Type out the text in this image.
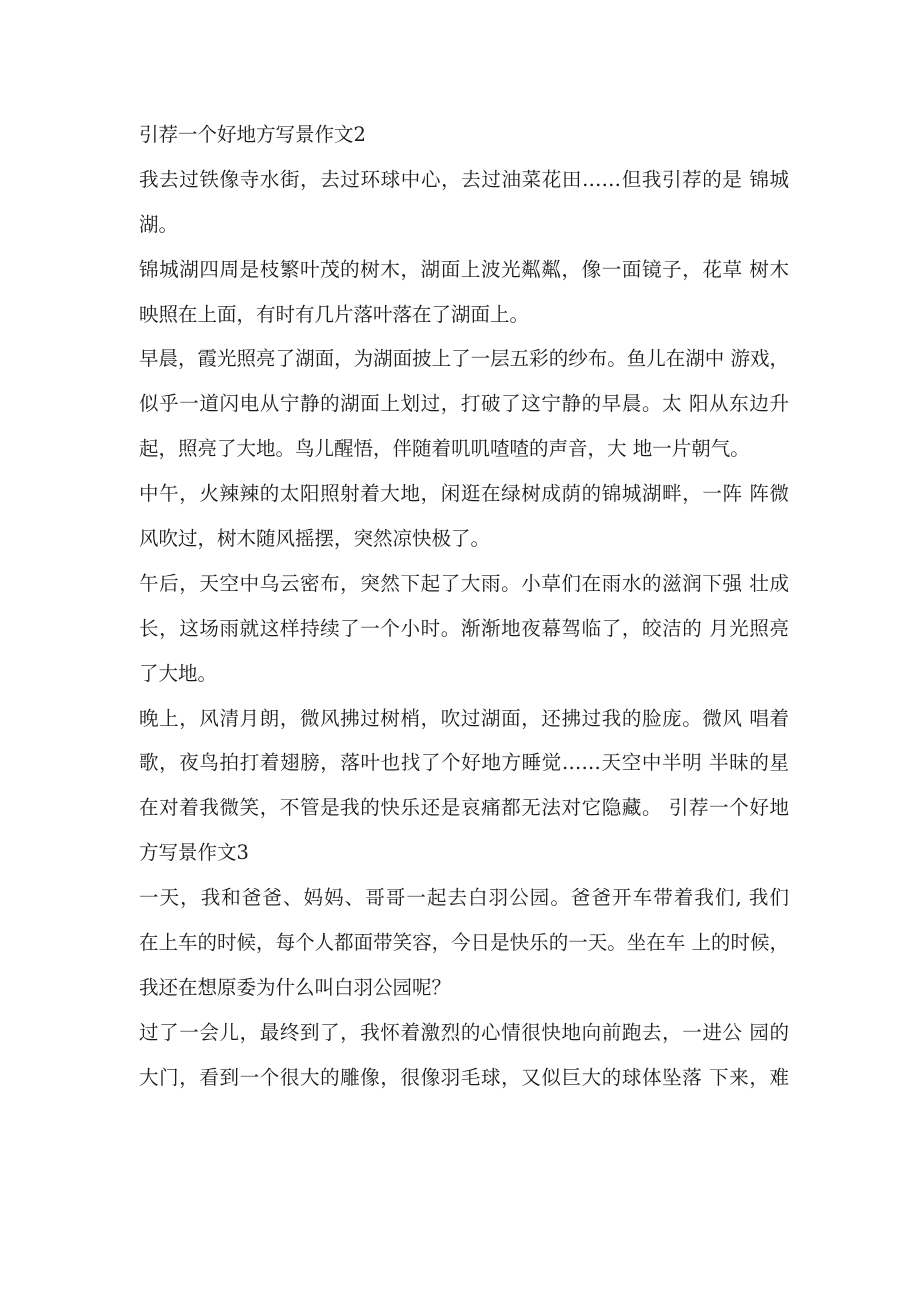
引荐一个好地方写景作文2
我去过铁像寺水街，去过环球中心，去过油菜花田……但我引荐的是 锦城
湖。
锦城湖四周是枝繁叶茂的树木，湖面上波光粼粼，像一面镜子，花草 树木
映照在上面，有时有几片落叶落在了湖面上。
早晨，霞光照亮了湖面，为湖面披上了一层五彩的纱布。鱼儿在湖中 游戏，
似乎一道闪电从宁静的湖面上划过，打破了这宁静的早晨。太 阳从东边升
起，照亮了大地。鸟儿醒悟，伴随着叽叽喳喳的声音，大 地一片朝气。
中午，火辣辣的太阳照射着大地，闲逛在绿树成荫的锦城湖畔，一阵 阵微
风吹过，树木随风摇摆，突然凉快极了。
午后，天空中乌云密布，突然下起了大雨。小草们在雨水的滋润下强 壮成
长，这场雨就这样持续了一个小时。渐渐地夜幕驾临了，皎洁的 月光照亮
了大地。
晚上，风清月朗，微风拂过树梢，吹过湖面，还拂过我的脸庞。微风 唱着
歌，夜鸟拍打着翅膀，落叶也找了个好地方睡觉……天空中半明 半昧的星
在对着我微笑，不管是我的快乐还是哀痛都无法对它隐藏。 引荐一个好地
方写景作文3
一天，我和爸爸、妈妈、哥哥一起去白羽公园。爸爸开车带着我们, 我们
在上车的时候，每个人都面带笑容，今日是快乐的一天。坐在车 上的时候，
我还在想原委为什么叫白羽公园呢？
过了一会儿，最终到了，我怀着激烈的心情很快地向前跑去，一进公 园的
大门，看到一个很大的雕像，很像羽毛球，又似巨大的球体坠落 下来，难
